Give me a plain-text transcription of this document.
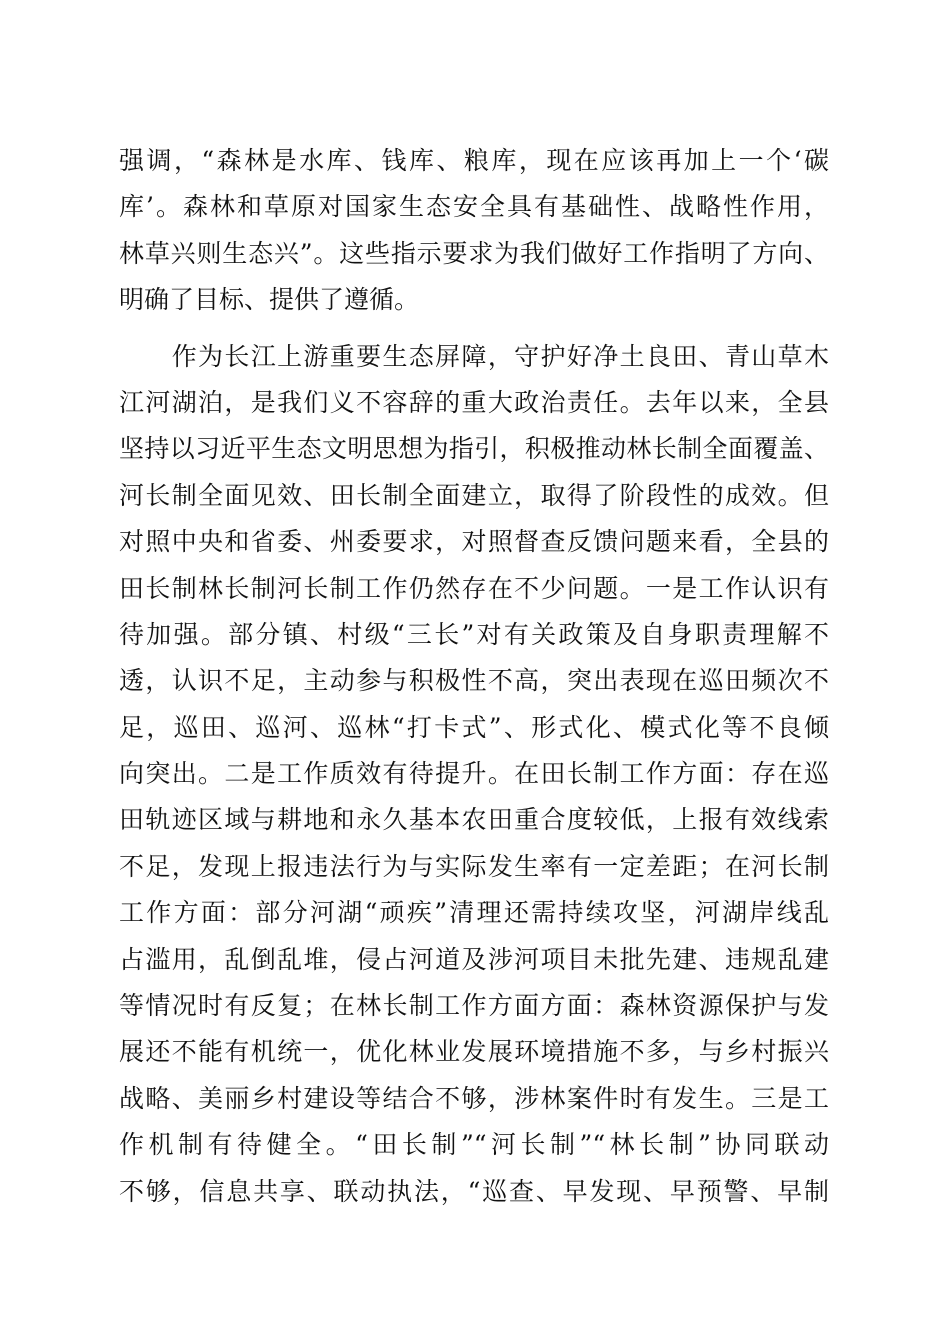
强调，“森林是水库、钱库、粮库，现在应该再加上一个‘碳
库’。森林和草原对国家生态安全具有基础性、战略性作用，
林草兴则生态兴”。这些指示要求为我们做好工作指明了方向、
明确了目标、提供了遵循。
　　作为长江上游重要生态屏障，守护好净土良田、青山草木
江河湖泊，是我们义不容辞的重大政治责任。去年以来，全县
坚持以习近平生态文明思想为指引，积极推动林长制全面覆盖、
河长制全面见效、田长制全面建立，取得了阶段性的成效。但
对照中央和省委、州委要求，对照督查反馈问题来看，全县的
田长制林长制河长制工作仍然存在不少问题。一是工作认识有
待加强。部分镇、村级“三长”对有关政策及自身职责理解不
透，认识不足，主动参与积极性不高，突出表现在巡田频次不
足，巡田、巡河、巡林“打卡式”、形式化、模式化等不良倾
向突出。二是工作质效有待提升。在田长制工作方面：存在巡
田轨迹区域与耕地和永久基本农田重合度较低，上报有效线索
不足，发现上报违法行为与实际发生率有一定差距；在河长制
工作方面：部分河湖“顽疾”清理还需持续攻坚，河湖岸线乱
占滥用，乱倒乱堆，侵占河道及涉河项目未批先建、违规乱建
等情况时有反复；在林长制工作方面方面：森林资源保护与发
展还不能有机统一，优化林业发展环境措施不多，与乡村振兴
战略、美丽乡村建设等结合不够，涉林案件时有发生。三是工
作机制有待健全。“田长制”“河长制”“林长制”协同联动
不够，信息共享、联动执法，“巡查、早发现、早预警、早制
